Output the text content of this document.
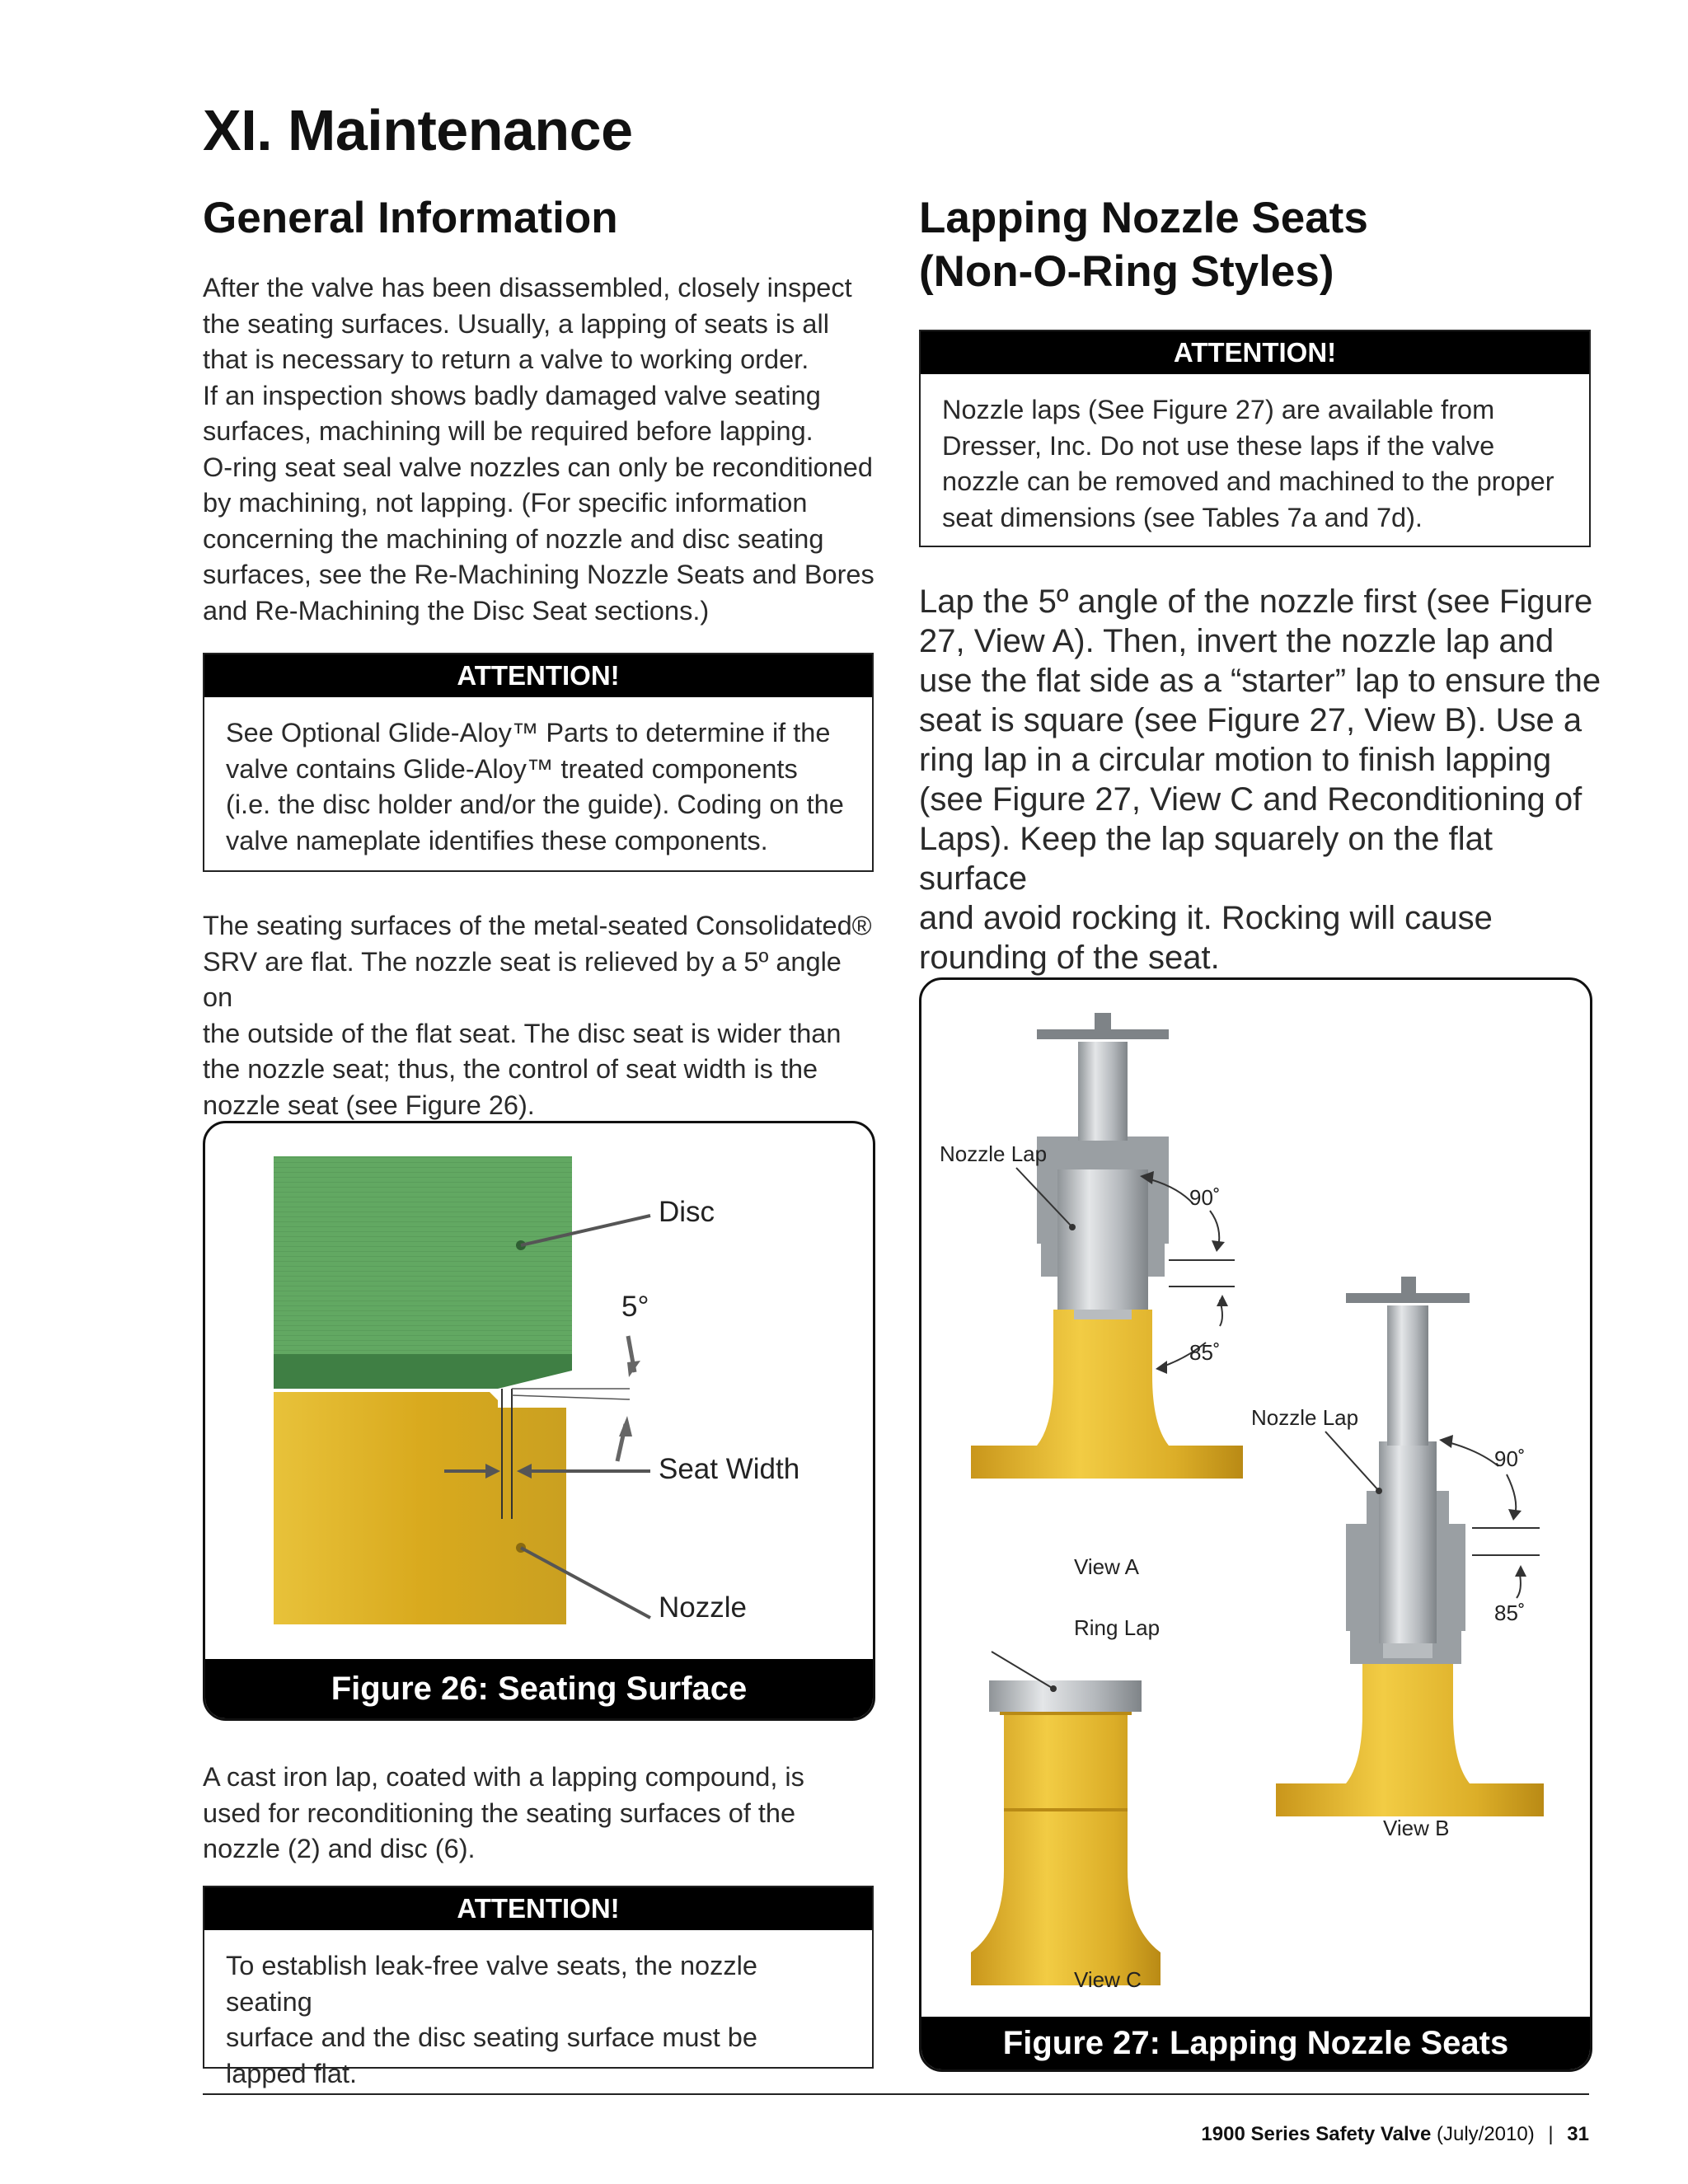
XI. Maintenance
General Information
After the valve has been disassembled, closely inspect
the seating surfaces. Usually, a lapping of seats is all
that is necessary to return a valve to working order.
If an inspection shows badly damaged valve seating
surfaces, machining will be required before lapping.
O-ring seat seal valve nozzles can only be reconditioned
by machining, not lapping. (For specific information
concerning the machining of nozzle and disc seating
surfaces, see the Re-Machining Nozzle Seats and Bores
and Re-Machining the Disc Seat sections.)
ATTENTION!
See Optional Glide-Aloy™ Parts to determine if the
valve contains Glide-Aloy™ treated components
(i.e. the disc holder and/or the guide). Coding on the
valve nameplate identifies these components.
The seating surfaces of the metal-seated Consolidated®
SRV are flat. The nozzle seat is relieved by a 5º angle on
the outside of the flat seat. The disc seat is wider than
the nozzle seat; thus, the control of seat width is the
nozzle seat (see Figure 26).
Disc
5°
Seat Width
Nozzle
Figure 26: Seating Surface
A cast iron lap, coated with a lapping compound, is
used for reconditioning the seating surfaces of the
nozzle (2) and disc (6).
ATTENTION!
To establish leak-free valve seats, the nozzle seating
surface and the disc seating surface must be
lapped flat.
Lapping Nozzle Seats
(Non-O-Ring Styles)
ATTENTION!
Nozzle laps (See Figure 27) are available from
Dresser, Inc. Do not use these laps if the valve
nozzle can be removed and machined to the proper
seat dimensions (see Tables 7a and 7d).
Lap the 5º angle of the nozzle first (see Figure
27, View A). Then, invert the nozzle lap and
use the flat side as a “starter” lap to ensure the
seat is square (see Figure 27, View B). Use a
ring lap in a circular motion to finish lapping
(see Figure 27, View C and Reconditioning of
Laps). Keep the lap squarely on the flat surface
and avoid rocking it. Rocking will cause
rounding of the seat.
Nozzle Lap
90˚
85˚
View A
Ring Lap
View C
Nozzle Lap
90˚
85˚
View B
Figure 27: Lapping Nozzle Seats
1900 Series Safety Valve (July/2010) | 31
